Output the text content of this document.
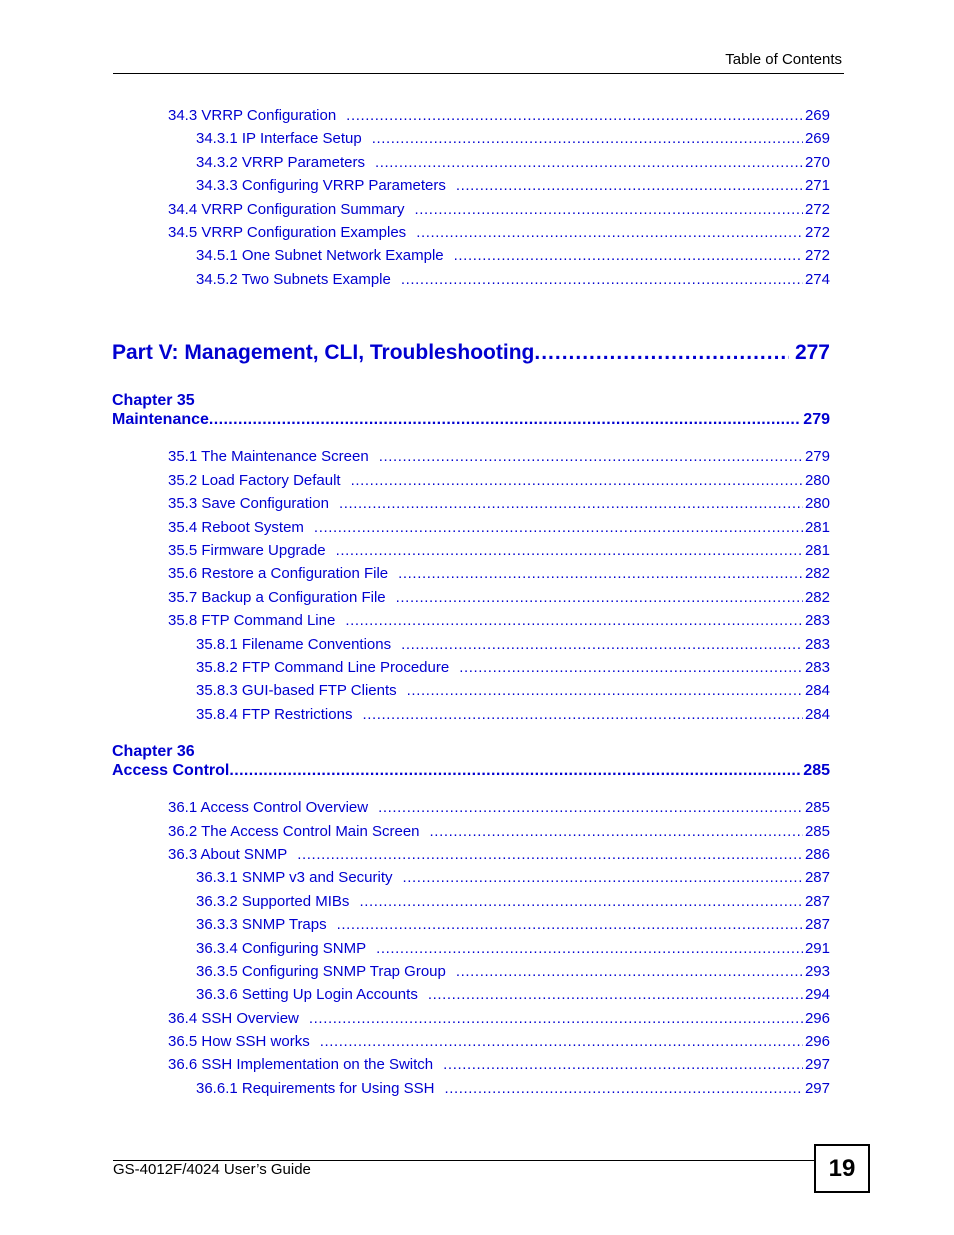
Table of Contents
34.3 VRRP Configuration .....	269
34.3.1 IP Interface Setup .....	269
34.3.2 VRRP Parameters .....	270
34.3.3 Configuring VRRP Parameters .....	271
34.4 VRRP Configuration Summary .....	272
34.5 VRRP Configuration Examples .....	272
34.5.1 One Subnet Network Example .....	272
34.5.2 Two Subnets Example .....	274
Part V: Management, CLI, Troubleshooting .....	277
Chapter 35
Maintenance .....	279
35.1 The Maintenance Screen .....	279
35.2 Load Factory Default .....	280
35.3 Save Configuration .....	280
35.4 Reboot System .....	281
35.5 Firmware Upgrade .....	281
35.6 Restore a Configuration File .....	282
35.7 Backup a Configuration File .....	282
35.8 FTP Command Line .....	283
35.8.1 Filename Conventions .....	283
35.8.2 FTP Command Line Procedure .....	283
35.8.3 GUI-based FTP Clients .....	284
35.8.4 FTP Restrictions .....	284
Chapter 36
Access Control .....	285
36.1 Access Control Overview .....	285
36.2 The Access Control Main Screen .....	285
36.3 About SNMP .....	286
36.3.1 SNMP v3 and Security .....	287
36.3.2 Supported MIBs .....	287
36.3.3 SNMP Traps .....	287
36.3.4 Configuring SNMP .....	291
36.3.5 Configuring SNMP Trap Group .....	293
36.3.6 Setting Up Login Accounts .....	294
36.4 SSH Overview .....	296
36.5 How SSH works .....	296
36.6 SSH Implementation on the Switch .....	297
36.6.1 Requirements for Using SSH .....	297
GS-4012F/4024 User’s Guide	19
